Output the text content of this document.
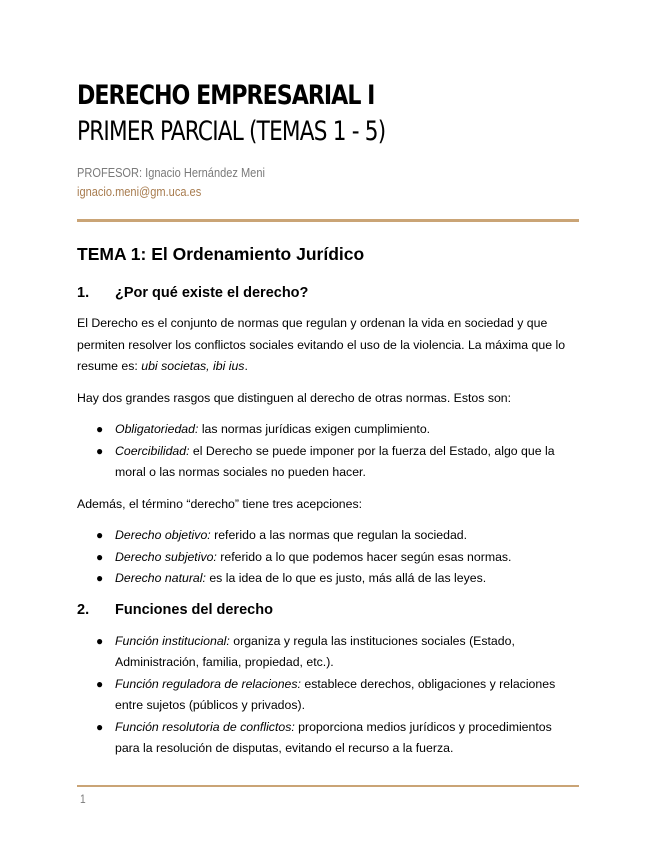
DERECHO EMPRESARIAL I
PRIMER PARCIAL (TEMAS 1 - 5)
PROFESOR: Ignacio Hernández Meni
ignacio.meni@gm.uca.es
TEMA 1: El Ordenamiento Jurídico
1.	¿Por qué existe el derecho?

El Derecho es el conjunto de normas que regulan y ordenan la vida en sociedad y que permiten resolver los conflictos sociales evitando el uso de la violencia. La máxima que lo resume es: ubi societas, ibi ius.

Hay dos grandes rasgos que distinguen al derecho de otras normas. Estos son:

● Obligatoriedad: las normas jurídicas exigen cumplimiento.
● Coercibilidad: el Derecho se puede imponer por la fuerza del Estado, algo que la moral o las normas sociales no pueden hacer.

Además, el término “derecho” tiene tres acepciones:

● Derecho objetivo: referido a las normas que regulan la sociedad.
● Derecho subjetivo: referido a lo que podemos hacer según esas normas.
● Derecho natural: es la idea de lo que es justo, más allá de las leyes.
2.	Funciones del derecho
● Función institucional: organiza y regula las instituciones sociales (Estado, Administración, familia, propiedad, etc.).
● Función reguladora de relaciones: establece derechos, obligaciones y relaciones entre sujetos (públicos y privados).
● Función resolutoria de conflictos: proporciona medios jurídicos y procedimientos para la resolución de disputas, evitando el recurso a la fuerza.
1
